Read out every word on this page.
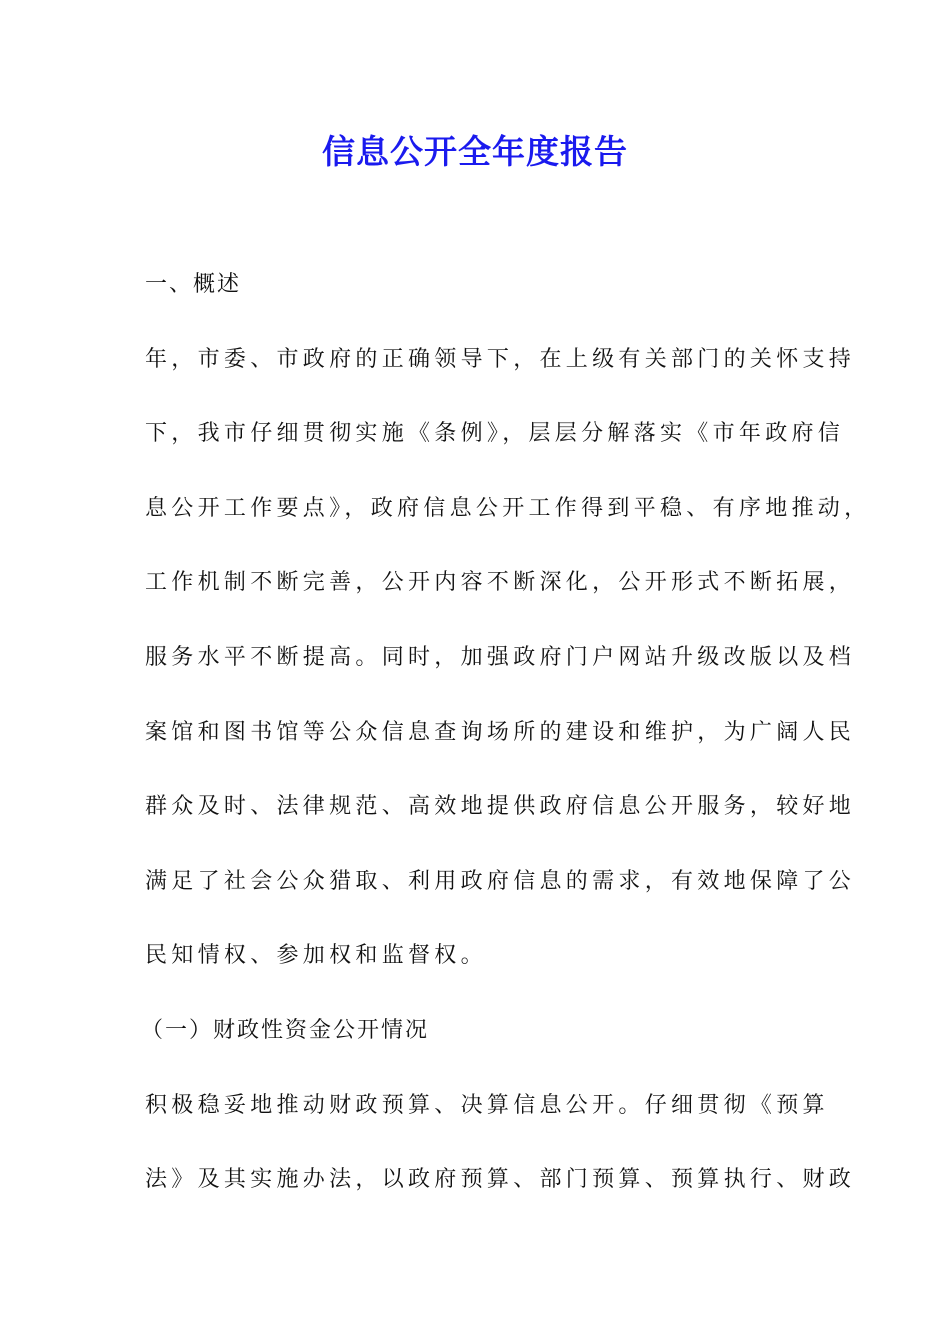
信息公开全年度报告
一、概述
年，市委、市政府的正确领导下，在上级有关部门的关怀支持
下，我市仔细贯彻实施《条例》，层层分解落实《市年政府信
息公开工作要点》，政府信息公开工作得到平稳、有序地推动，
工作机制不断完善，公开内容不断深化，公开形式不断拓展，
服务水平不断提高。同时，加强政府门户网站升级改版以及档
案馆和图书馆等公众信息查询场所的建设和维护，为广阔人民
群众及时、法律规范、高效地提供政府信息公开服务，较好地
满足了社会公众猎取、利用政府信息的需求，有效地保障了公
民知情权、参加权和监督权。
（一）财政性资金公开情况
积极稳妥地推动财政预算、决算信息公开。仔细贯彻《预算
法》及其实施办法，以政府预算、部门预算、预算执行、财政
